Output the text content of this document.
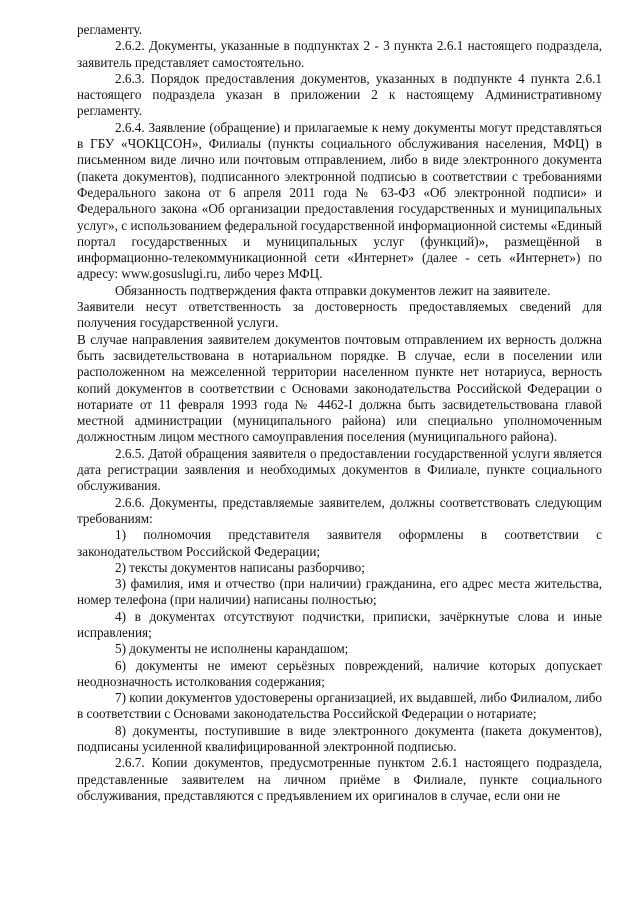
регламенту.

2.6.2. Документы, указанные в подпунктах 2 - 3 пункта 2.6.1 настоящего подраздела, заявитель представляет самостоятельно.

2.6.3. Порядок предоставления документов, указанных в подпункте 4 пункта 2.6.1 настоящего подраздела указан в приложении 2 к настоящему Административному регламенту.

2.6.4. Заявление (обращение) и прилагаемые к нему документы могут представляться в ГБУ «ЧОКЦСОН», Филиалы (пункты социального обслуживания населения, МФЦ) в письменном виде лично или почтовым отправлением, либо в виде электронного документа (пакета документов), подписанного электронной подписью в соответствии с требованиями Федерального закона от 6 апреля 2011 года № 63-ФЗ «Об электронной подписи» и Федерального закона «Об организации предоставления государственных и муниципальных услуг», с использованием федеральной государственной информационной системы «Единый портал государственных и муниципальных услуг (функций)», размещённой в информационно-телекоммуникационной сети «Интернет» (далее - сеть «Интернет») по адресу: www.gosuslugi.ru, либо через МФЦ.

Обязанность подтверждения факта отправки документов лежит на заявителе.

Заявители несут ответственность за достоверность предоставляемых сведений для получения государственной услуги.

В случае направления заявителем документов почтовым отправлением их верность должна быть засвидетельствована в нотариальном порядке. В случае, если в поселении или расположенном на межселенной территории населенном пункте нет нотариуса, верность копий документов в соответствии с Основами законодательства Российской Федерации о нотариате от 11 февраля 1993 года № 4462-I должна быть засвидетельствована главой местной администрации (муниципального района) или специально уполномоченным должностным лицом местного самоуправления поселения (муниципального района).

2.6.5. Датой обращения заявителя о предоставлении государственной услуги является дата регистрации заявления и необходимых документов в Филиале, пункте социального обслуживания.

2.6.6. Документы, представляемые заявителем, должны соответствовать следующим требованиям:

1) полномочия представителя заявителя оформлены в соответствии с законодательством Российской Федерации;

2) тексты документов написаны разборчиво;

3) фамилия, имя и отчество (при наличии) гражданина, его адрес места жительства, номер телефона (при наличии) написаны полностью;

4) в документах отсутствуют подчистки, приписки, зачёркнутые слова и иные исправления;

5) документы не исполнены карандашом;

6) документы не имеют серьёзных повреждений, наличие которых допускает неоднозначность истолкования содержания;

7) копии документов удостоверены организацией, их выдавшей, либо Филиалом, либо в соответствии с Основами законодательства Российской Федерации о нотариате;

8) документы, поступившие в виде электронного документа (пакета документов), подписаны усиленной квалифицированной электронной подписью.

2.6.7. Копии документов, предусмотренные пунктом 2.6.1 настоящего подраздела, представленные заявителем на личном приёме в Филиале, пункте социального обслуживания, представляются с предъявлением их оригиналов в случае, если они не
